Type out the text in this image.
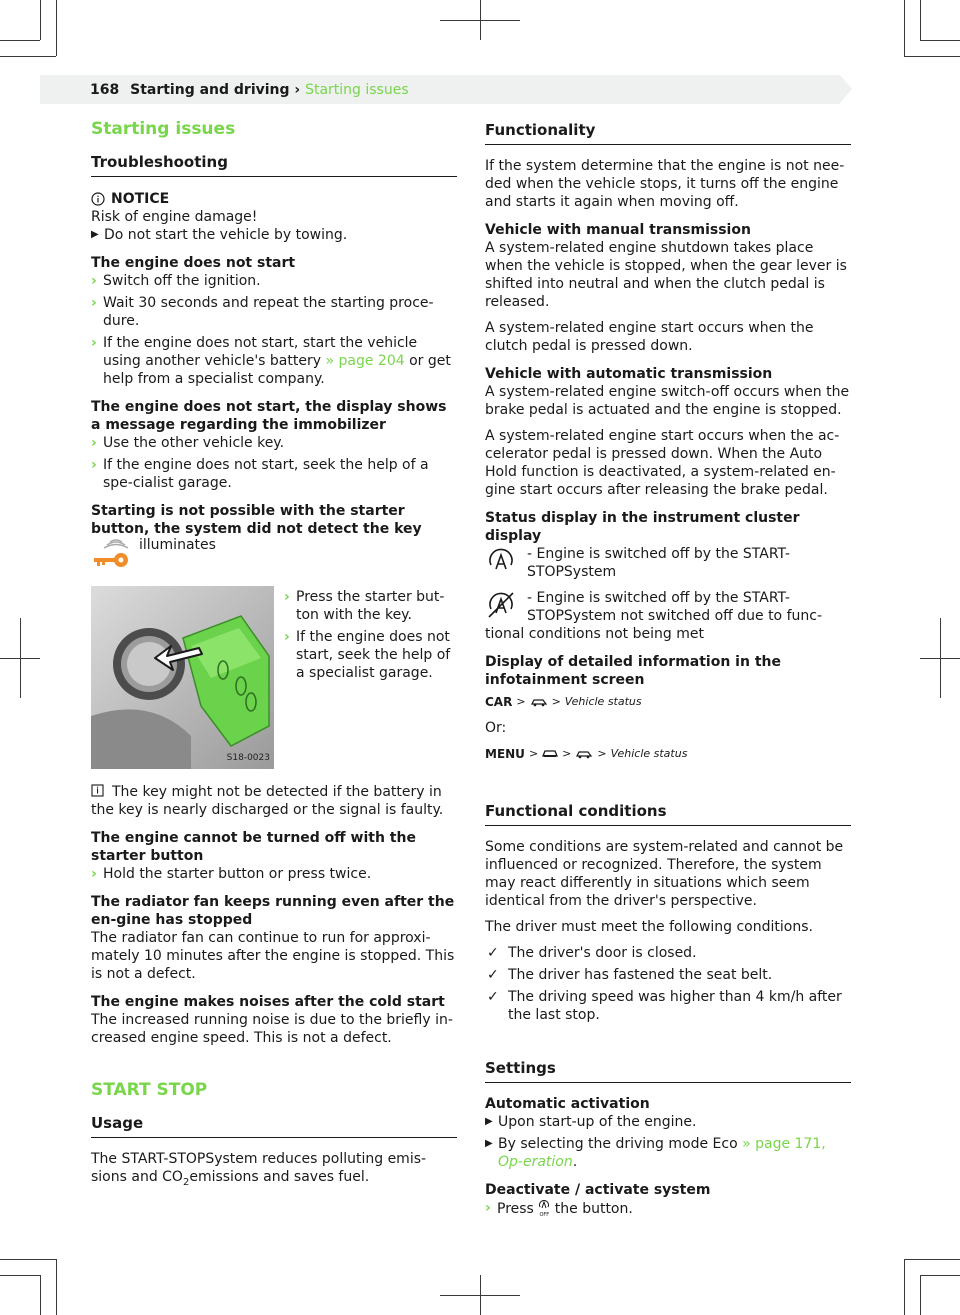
168 Starting and driving › Starting issues
Starting issues
Troubleshooting

NOTICE

Risk of engine damage!

▶ Do not start the vehicle by towing.

The engine does not start

› Switch off the ignition.

› Wait 30 seconds and repeat the starting proce-dure.

› If the engine does not start, start the vehicle using another vehicle's battery » page 204 or get help from a specialist company.

The engine does not start, the display shows a message regarding the immobilizer

› Use the other vehicle key.

› If the engine does not start, seek the help of a spe-cialist garage.

Starting is not possible with the starter button, the system did not detect the key

illuminates
S18-0023

› Press the starter but-ton with the key.

› If the engine does not start, seek the help of a specialist garage.

The key might not be detected if the battery in the key is nearly discharged or the signal is faulty.

The engine cannot be turned off with the starter button

› Hold the starter button or press twice.

The radiator fan keeps running even after the en-gine has stopped

The radiator fan can continue to run for approxi-mately 10 minutes after the engine is stopped. This is not a defect.

The engine makes noises after the cold start

The increased running noise is due to the briefly in-creased engine speed. This is not a defect.

START STOP
Usage

The START-STOPSystem reduces polluting emis-sions and $CO_2emissions$ and saves fuel.

Functionality

If the system determine that the engine is not nee-ded when the vehicle stops, it turns off the engine and starts it again when moving off.

Vehicle with manual transmission

A system-related engine shutdown takes place when the vehicle is stopped, when the gear lever is shifted into neutral and when the clutch pedal is released.

A system-related engine start occurs when the clutch pedal is pressed down.

Vehicle with automatic transmission

A system-related engine switch-off occurs when the brake pedal is actuated and the engine is stopped.

A system-related engine start occurs when the ac-celerator pedal is pressed down. When the Auto Hold function is deactivated, a system-related en-gine start occurs after releasing the brake pedal.

Status display in the instrument cluster display

- Engine is switched off by the START-STOPSystem

- Engine is switched off by the START-STOPSystem not switched off due to func-

tional conditions not being met

Display of detailed information in the infotainment screen

CAR > > Vehicle status

Or:

MENU > > > Vehicle status
Functional conditions

Some conditions are system-related and cannot be influenced or recognized. Therefore, the system may react differently in situations which seem identical from the driver's perspective.

The driver must meet the following conditions.

✓ The driver's door is closed.

✓ The driver has fastened the seat belt.

✓ The driving speed was higher than 4 km/h after the last stop.

Settings

Automatic activation

▶ Upon start-up of the engine.

▶ By selecting the driving mode Eco » page 171, Op-eration.

Deactivate / activate system

› Press OFF the button.
